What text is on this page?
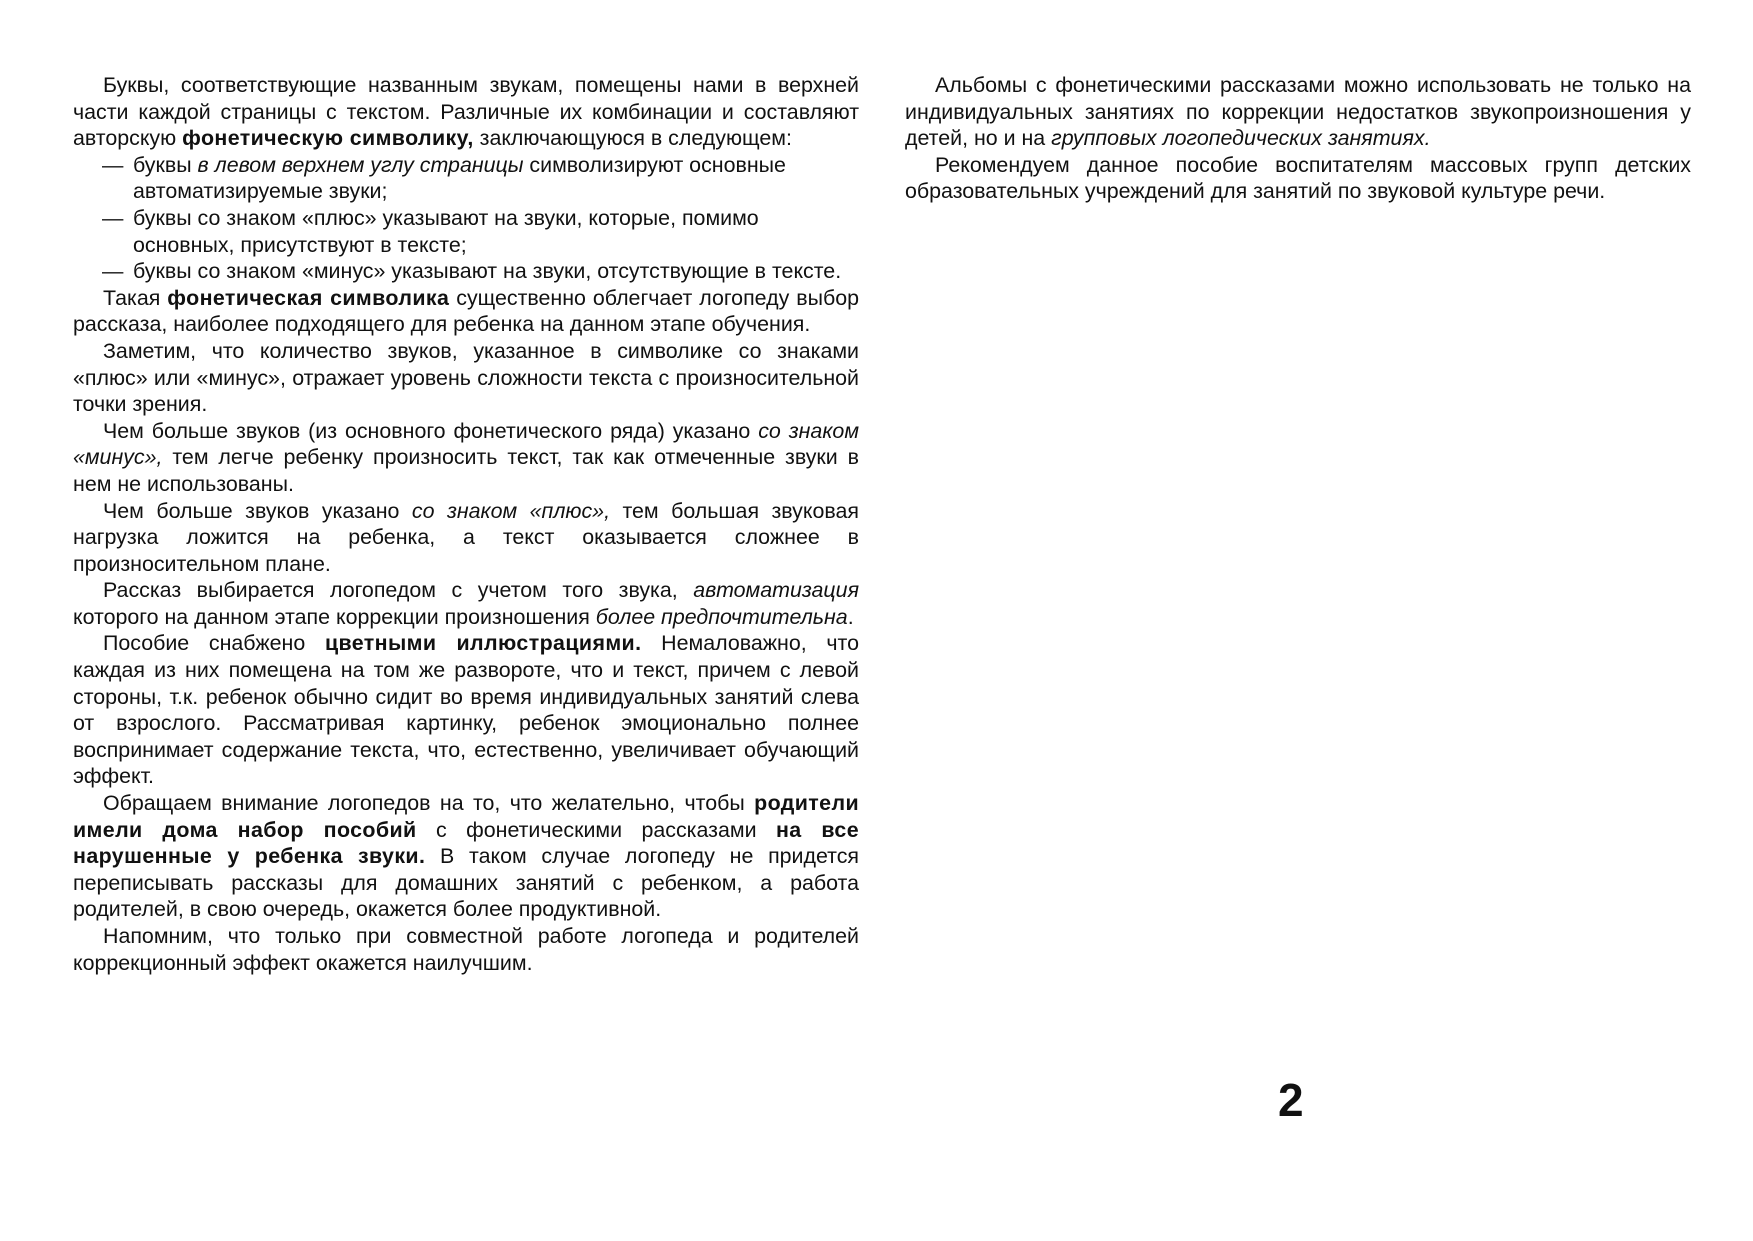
Буквы, соответствующие названным звукам, помещены нами в верхней части каждой страницы с текстом. Различные их комбинации и составляют авторскую фонетическую символику, заключающуюся в следующем:

— буквы в левом верхнем углу страницы символизируют основные автоматизируемые звуки;
— буквы со знаком «плюс» указывают на звуки, которые, помимо основных, присутствуют в тексте;
— буквы со знаком «минус» указывают на звуки, отсутствующие в тексте.

Такая фонетическая символика существенно облегчает логопеду выбор рассказа, наиболее подходящего для ребенка на данном этапе обучения.

Заметим, что количество звуков, указанное в символике со знаками «плюс» или «минус», отражает уровень сложности текста с произносительной точки зрения.

Чем больше звуков (из основного фонетического ряда) указано со знаком «минус», тем легче ребенку произносить текст, так как отмеченные звуки в нем не использованы.

Чем больше звуков указано со знаком «плюс», тем большая звуковая нагрузка ложится на ребенка, а текст оказывается сложнее в произносительном плане.

Рассказ выбирается логопедом с учетом того звука, автоматизация которого на данном этапе коррекции произношения более предпочтительна.

Пособие снабжено цветными иллюстрациями. Немаловажно, что каждая из них помещена на том же развороте, что и текст, причем с левой стороны, т.к. ребенок обычно сидит во время индивидуальных занятий слева от взрослого. Рассматривая картинку, ребенок эмоционально полнее воспринимает содержание текста, что, естественно, увеличивает обучающий эффект.

Обращаем внимание логопедов на то, что желательно, чтобы родители имели дома набор пособий с фонетическими рассказами на все нарушенные у ребенка звуки. В таком случае логопеду не придется переписывать рассказы для домашних занятий с ребенком, а работа родителей, в свою очередь, окажется более продуктивной.

Напомним, что только при совместной работе логопеда и родителей коррекционный эффект окажется наилучшим.

Альбомы с фонетическими рассказами можно использовать не только на индивидуальных занятиях по коррекции недостатков звукопроизношения у детей, но и на групповых логопедических занятиях.

Рекомендуем данное пособие воспитателям массовых групп детских образовательных учреждений для занятий по звуковой культуре речи.

2
